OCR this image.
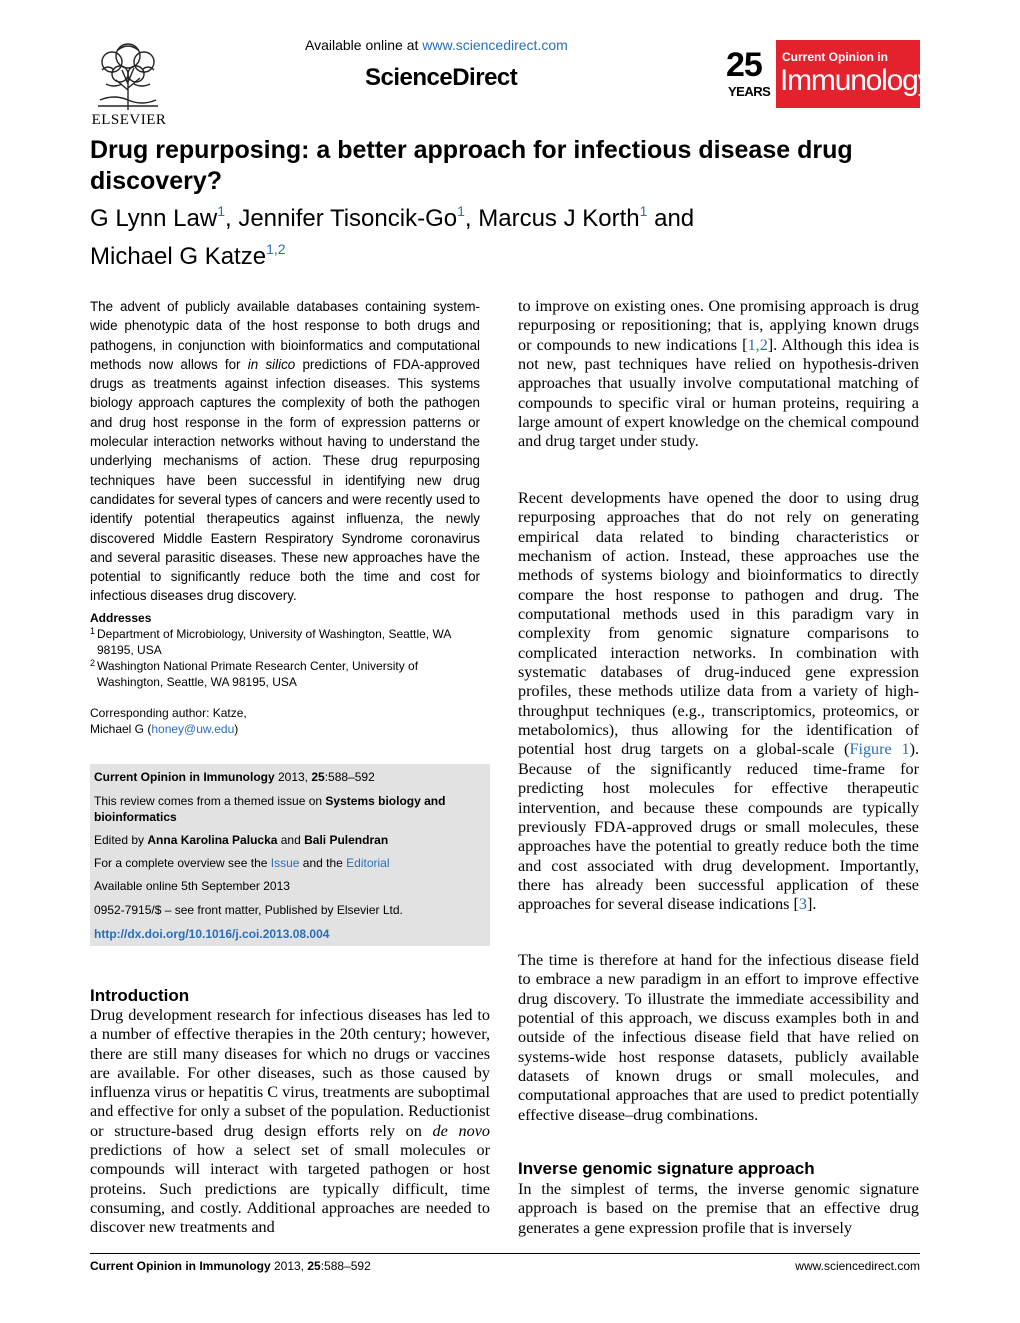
ELSEVIER
Available online at www.sciencedirect.com
ScienceDirect	25
YEARS
Current Opinion in
Immunology
Drug repurposing: a better approach for infectious disease drug discovery?
G Lynn Law$^1$, Jennifer Tisoncik-Go$^1$, Marcus J Korth$^1$ and
Michael G Katze$^{1,2}$

The advent of publicly available databases containing system-wide phenotypic data of the host response to both drugs and pathogens, in conjunction with bioinformatics and computational methods now allows for in silico predictions of FDA-approved drugs as treatments against infection diseases. This systems biology approach captures the complexity of both the pathogen and drug host response in the form of expression patterns or molecular interaction networks without having to understand the underlying mechanisms of action. These drug repurposing techniques have been successful in identifying new drug candidates for several types of cancers and were recently used to identify potential therapeutics against influenza, the newly discovered Middle Eastern Respiratory Syndrome coronavirus and several parasitic diseases. These new approaches have the potential to significantly reduce both the time and cost for infectious diseases drug discovery.

Addresses
1 Department of Microbiology, University of Washington, Seattle, WA 98195, USA
2 Washington National Primate Research Center, University of Washington, Seattle, WA 98195, USA
Corresponding author: Katze,
Michael G (honey@uw.edu)
Current Opinion in Immunology 2013, 25:588–592
This review comes from a themed issue on Systems biology and bioinformatics
Edited by Anna Karolina Palucka and Bali Pulendran
For a complete overview see the Issue and the Editorial
Available online 5th September 2013
0952-7915/$ – see front matter, Published by Elsevier Ltd.
http://dx.doi.org/10.1016/j.coi.2013.08.004
Introduction

Drug development research for infectious diseases has led to a number of effective therapies in the 20th century; however, there are still many diseases for which no drugs or vaccines are available. For other diseases, such as those caused by influenza virus or hepatitis C virus, treatments are suboptimal and effective for only a subset of the population. Reductionist or structure-based drug design efforts rely on de novo predictions of how a select set of small molecules or compounds will interact with targeted pathogen or host proteins. Such predictions are typically difficult, time consuming, and costly. Additional approaches are needed to discover new treatments and

to improve on existing ones. One promising approach is drug repurposing or repositioning; that is, applying known drugs or compounds to new indications [1,2]. Although this idea is not new, past techniques have relied on hypothesis-driven approaches that usually involve computational matching of compounds to specific viral or human proteins, requiring a large amount of expert knowledge on the chemical compound and drug target under study.

Recent developments have opened the door to using drug repurposing approaches that do not rely on generating empirical data related to binding characteristics or mechanism of action. Instead, these approaches use the methods of systems biology and bioinformatics to directly compare the host response to pathogen and drug. The computational methods used in this paradigm vary in complexity from genomic signature comparisons to complicated interaction networks. In combination with systematic databases of drug-induced gene expression profiles, these methods utilize data from a variety of high-throughput techniques (e.g., transcriptomics, proteomics, or metabolomics), thus allowing for the identification of potential host drug targets on a global-scale (Figure 1). Because of the significantly reduced time-frame for predicting host molecules for effective therapeutic intervention, and because these compounds are typically previously FDA-approved drugs or small molecules, these approaches have the potential to greatly reduce both the time and cost associated with drug development. Importantly, there has already been successful application of these approaches for several disease indications [3].

The time is therefore at hand for the infectious disease field to embrace a new paradigm in an effort to improve effective drug discovery. To illustrate the immediate accessibility and potential of this approach, we discuss examples both in and outside of the infectious disease field that have relied on systems-wide host response datasets, publicly available datasets of known drugs or small molecules, and computational approaches that are used to predict potentially effective disease–drug combinations.

Inverse genomic signature approach

In the simplest of terms, the inverse genomic signature approach is based on the premise that an effective drug generates a gene expression profile that is inversely

Current Opinion in Immunology 2013, 25:588–592	www.sciencedirect.com
